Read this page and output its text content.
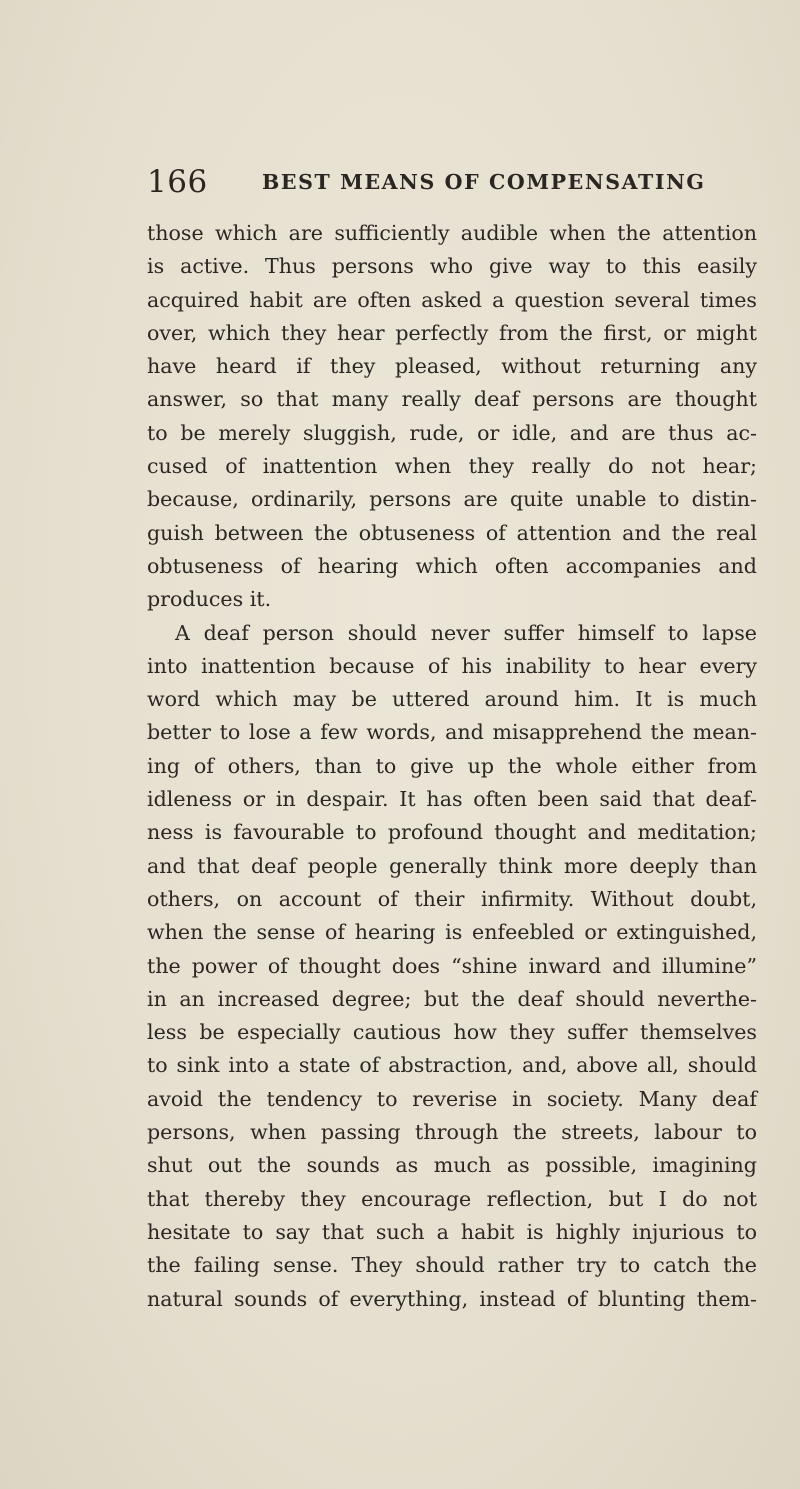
166	BEST MEANS OF COMPENSATING
those which are sufficiently audible when the attention
is active. Thus persons who give way to this easily
acquired habit are often asked a question several times
over, which they hear perfectly from the first, or might
have heard if they pleased, without returning any
answer, so that many really deaf persons are thought
to be merely sluggish, rude, or idle, and are thus ac-
cused of inattention when they really do not hear;
because, ordinarily, persons are quite unable to distin-
guish between the obtuseness of attention and the real
obtuseness of hearing which often accompanies and
produces it.
A deaf person should never suffer himself to lapse
into inattention because of his inability to hear every
word which may be uttered around him. It is much
better to lose a few words, and misapprehend the mean-
ing of others, than to give up the whole either from
idleness or in despair. It has often been said that deaf-
ness is favourable to profound thought and meditation;
and that deaf people generally think more deeply than
others, on account of their infirmity. Without doubt,
when the sense of hearing is enfeebled or extinguished,
the power of thought does “shine inward and illumine”
in an increased degree; but the deaf should neverthe-
less be especially cautious how they suffer themselves
to sink into a state of abstraction, and, above all, should
avoid the tendency to reverise in society. Many deaf
persons, when passing through the streets, labour to
shut out the sounds as much as possible, imagining
that thereby they encourage reflection, but I do not
hesitate to say that such a habit is highly injurious to
the failing sense. They should rather try to catch the
natural sounds of everything, instead of blunting them-
